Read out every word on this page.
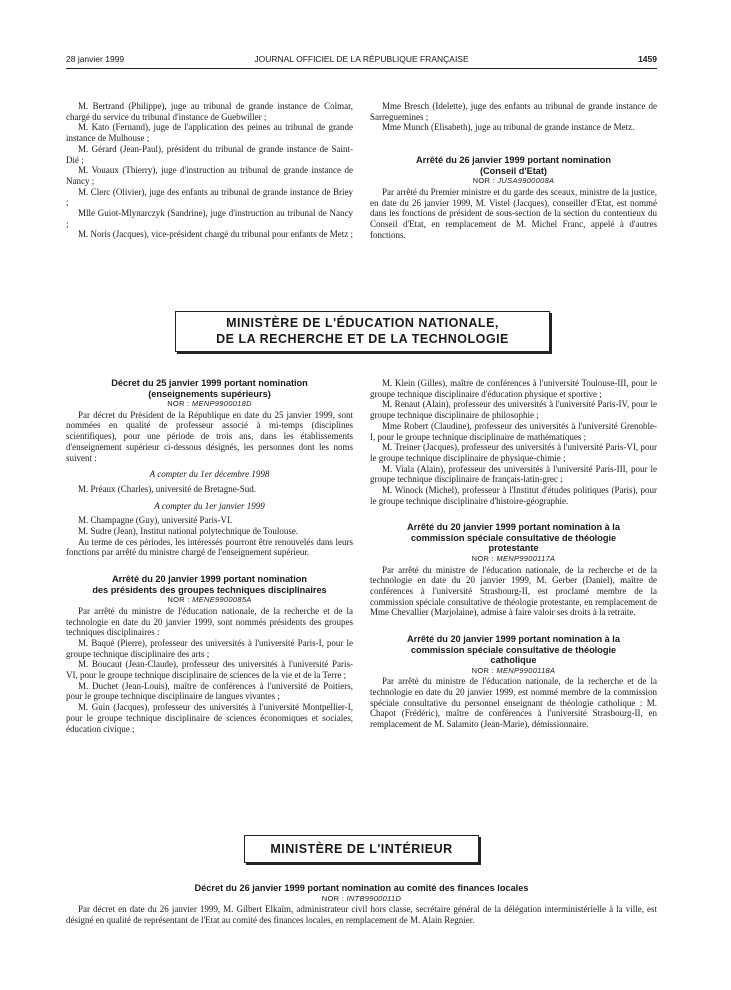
28 janvier 1999	JOURNAL OFFICIEL DE LA RÉPUBLIQUE FRANÇAISE	1459

M. Bertrand (Philippe), juge au tribunal de grande instance de Colmar, chargé du service du tribunal d'instance de Guebwiller ;

M. Kato (Fernand), juge de l'application des peines au tribunal de grande instance de Mulhouse ;

M. Gérard (Jean-Paul), président du tribunal de grande instance de Saint-Dié ;

M. Vouaux (Thierry), juge d'instruction au tribunal de grande instance de Nancy ;

M. Clerc (Olivier), juge des enfants au tribunal de grande instance de Briey ;

Mlle Guiot-Mlynarczyk (Sandrine), juge d'instruction au tribunal de Nancy ;

M. Noris (Jacques), vice-président chargé du tribunal pour enfants de Metz ;

Mme Bresch (Idelette), juge des enfants au tribunal de grande instance de Sarreguemines ;

Mme Munch (Elisabeth), juge au tribunal de grande instance de Metz.

Arrêté du 26 janvier 1999 portant nomination

(Conseil d'Etat)

NOR : JUSA9900008A

Par arrêté du Premier ministre et du garde des sceaux, ministre de la justice, en date du 26 janvier 1999, M. Vistel (Jacques), conseiller d'Etat, est nommé dans les fonctions de président de sous-section de la section du contentieux du Conseil d'Etat, en remplacement de M. Michel Franc, appelé à d'autres fonctions.

MINISTÈRE DE L'ÉDUCATION NATIONALE,
DE LA RECHERCHE ET DE LA TECHNOLOGIE

Décret du 25 janvier 1999 portant nomination

(enseignements supérieurs)

NOR : MENP9900018D

Par décret du Président de la République en date du 25 janvier 1999, sont nommées en qualité de professeur associé à mi-temps (disciplines scientifiques), pour une période de trois ans, dans les établissements d'enseignement supérieur ci-dessous désignés, les personnes dont les noms suivent :

A compter du 1er décembre 1998

M. Préaux (Charles), université de Bretagne-Sud.

A compter du 1er janvier 1999

M. Champagne (Guy), université Paris-VI.

M. Sudre (Jean), Institut national polytechnique de Toulouse.

Au terme de ces périodes, les intéressés pourront être renouvelés dans leurs fonctions par arrêté du ministre chargé de l'enseignement supérieur.

Arrêté du 20 janvier 1999 portant nomination

des présidents des groupes techniques disciplinaires

NOR : MENE9900085A

Par arrêté du ministre de l'éducation nationale, de la recherche et de la technologie en date du 20 janvier 1999, sont nommés présidents des groupes techniques disciplinaires :

M. Baqué (Pierre), professeur des universités à l'université Paris-I, pour le groupe technique disciplinaire des arts ;

M. Boucaut (Jean-Claude), professeur des universités à l'université Paris-VI, pour le groupe technique disciplinaire de sciences de la vie et de la Terre ;

M. Duchet (Jean-Louis), maître de conférences à l'université de Poitiers, pour le groupe technique disciplinaire de langues vivantes ;

M. Guin (Jacques), professeur des universités à l'université Montpellier-I, pour le groupe technique disciplinaire de sciences économiques et sociales, éducation civique ;

M. Klein (Gilles), maître de conférences à l'université Toulouse-III, pour le groupe technique disciplinaire d'éducation physique et sportive ;

M. Renaut (Alain), professeur des universités à l'université Paris-IV, pour le groupe technique disciplinaire de philosophie ;

Mme Robert (Claudine), professeur des universités à l'université Grenoble-I, pour le groupe technique disciplinaire de mathématiques ;

M. Treiner (Jacques), professeur des universités à l'université Paris-VI, pour le groupe technique disciplinaire de physique-chimie ;

M. Viala (Alain), professeur des universités à l'université Paris-III, pour le groupe technique disciplinaire de français-latin-grec ;

M. Winock (Michel), professeur à l'Institut d'études politiques (Paris), pour le groupe technique disciplinaire d'histoire-géographie.

Arrêté du 20 janvier 1999 portant nomination à la

commission spéciale consultative de théologie

protestante

NOR : MENP9900117A

Par arrêté du ministre de l'éducation nationale, de la recherche et de la technologie en date du 20 janvier 1999, M. Gerber (Daniel), maître de conférences à l'université Strasbourg-II, est proclamé membre de la commission spéciale consultative de théologie protestante, en remplacement de Mme Chevallier (Marjolaine), admise à faire valoir ses droits à la retraite.

Arrêté du 20 janvier 1999 portant nomination à la

commission spéciale consultative de théologie

catholique

NOR : MENP9900118A

Par arrêté du ministre de l'éducation nationale, de la recherche et de la technologie en date du 20 janvier 1999, est nommé membre de la commission spéciale consultative du personnel enseignant de théologie catholique : M. Chapot (Frédéric), maître de conférences à l'université Strasbourg-II, en remplacement de M. Salamito (Jean-Marie), démissionnaire.

MINISTÈRE DE L'INTÉRIEUR

Décret du 26 janvier 1999 portant nomination au comité des finances locales

NOR : INTB9900011D

Par décret en date du 26 janvier 1999, M. Gilbert Elkaïm, administrateur civil hors classe, secrétaire général de la délégation interministérielle à la ville, est désigné en qualité de représentant de l'Etat au comité des finances locales, en remplacement de M. Alain Regnier.
